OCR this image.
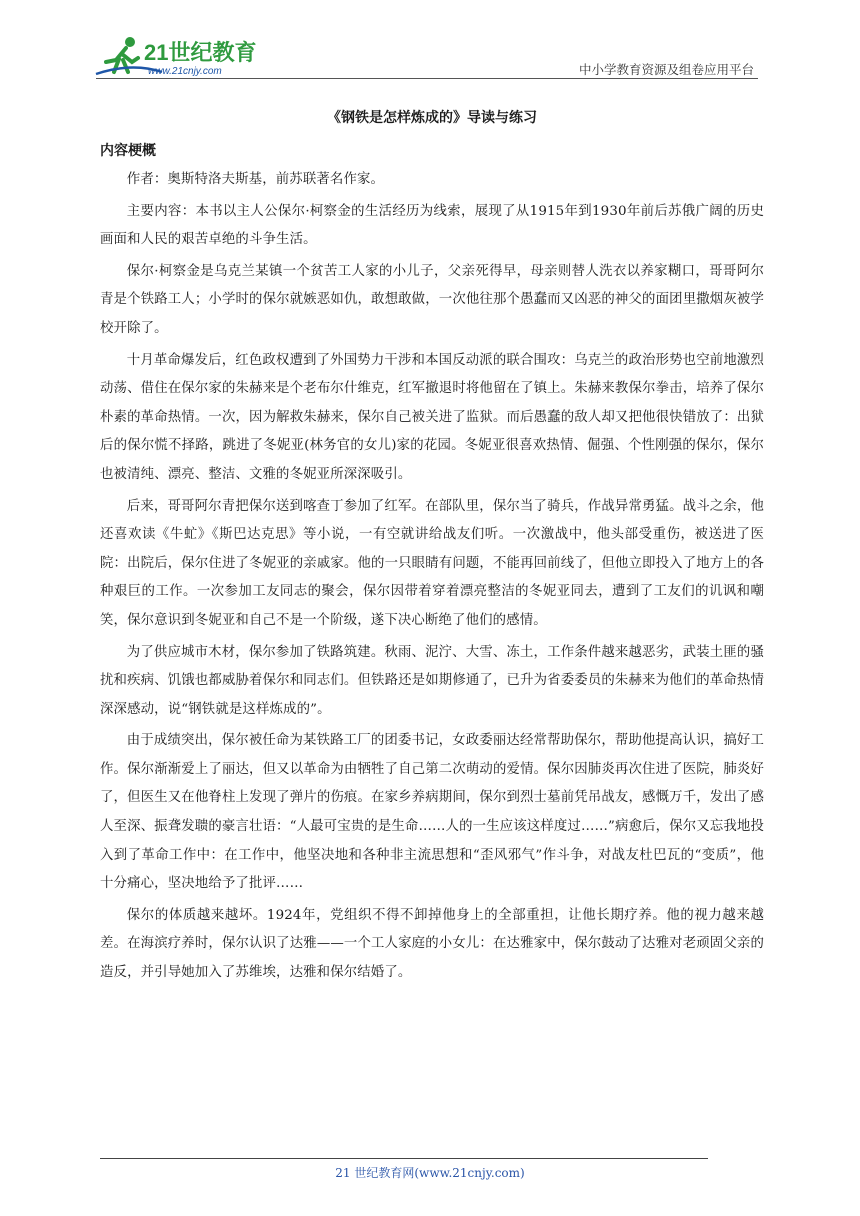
21世纪教育
www.21cnjy.com	中小学教育资源及组卷应用平台
《钢铁是怎样炼成的》导读与练习
内容梗概

作者：奥斯特洛夫斯基，前苏联著名作家。

主要内容：本书以主人公保尔·柯察金的生活经历为线索，展现了从1915年到1930年前后苏俄广阔的历史画面和人民的艰苦卓绝的斗争生活。

保尔·柯察金是乌克兰某镇一个贫苦工人家的小儿子，父亲死得早，母亲则替人洗衣以养家糊口，哥哥阿尔青是个铁路工人；小学时的保尔就嫉恶如仇，敢想敢做，一次他往那个愚蠢而又凶恶的神父的面团里撒烟灰被学校开除了。

十月革命爆发后，红色政权遭到了外国势力干涉和本国反动派的联合围攻：乌克兰的政治形势也空前地激烈动荡、借住在保尔家的朱赫来是个老布尔什维克，红军撤退时将他留在了镇上。朱赫来教保尔拳击，培养了保尔朴素的革命热情。一次，因为解救朱赫来，保尔自己被关进了监狱。而后愚蠢的敌人却又把他很快错放了：出狱后的保尔慌不择路，跳进了冬妮亚(林务官的女儿)家的花园。冬妮亚很喜欢热情、倔强、个性刚强的保尔，保尔也被清纯、漂亮、整洁、文雅的冬妮亚所深深吸引。

后来，哥哥阿尔青把保尔送到喀查丁参加了红军。在部队里，保尔当了骑兵，作战异常勇猛。战斗之余，他还喜欢读《牛虻》《斯巴达克思》等小说，一有空就讲给战友们听。一次激战中，他头部受重伤，被送进了医院：出院后，保尔住进了冬妮亚的亲戚家。他的一只眼睛有问题，不能再回前线了，但他立即投入了地方上的各种艰巨的工作。一次参加工友同志的聚会，保尔因带着穿着漂亮整洁的冬妮亚同去，遭到了工友们的讥讽和嘲笑，保尔意识到冬妮亚和自己不是一个阶级，遂下决心断绝了他们的感情。

为了供应城市木材，保尔参加了铁路筑建。秋雨、泥泞、大雪、冻土，工作条件越来越恶劣，武装土匪的骚扰和疾病、饥饿也都威胁着保尔和同志们。但铁路还是如期修通了，已升为省委委员的朱赫来为他们的革命热情深深感动，说“钢铁就是这样炼成的”。

由于成绩突出，保尔被任命为某铁路工厂的团委书记，女政委丽达经常帮助保尔，帮助他提高认识，搞好工作。保尔渐渐爱上了丽达，但又以革命为由牺牲了自己第二次萌动的爱情。保尔因肺炎再次住进了医院，肺炎好了，但医生又在他脊柱上发现了弹片的伤痕。在家乡养病期间，保尔到烈士墓前凭吊战友，感慨万千，发出了感人至深、振聋发聩的豪言壮语：“人最可宝贵的是生命……人的一生应该这样度过……”病愈后，保尔又忘我地投入到了革命工作中：在工作中，他坚决地和各种非主流思想和“歪风邪气”作斗争，对战友杜巴瓦的“变质”，他十分痛心，坚决地给予了批评……

保尔的体质越来越坏。1924年，党组织不得不卸掉他身上的全部重担，让他长期疗养。他的视力越来越差。在海滨疗养时，保尔认识了达雅——一个工人家庭的小女儿：在达雅家中，保尔鼓动了达雅对老顽固父亲的造反，并引导她加入了苏维埃，达雅和保尔结婚了。

21 世纪教育网(www.21cnjy.com)
